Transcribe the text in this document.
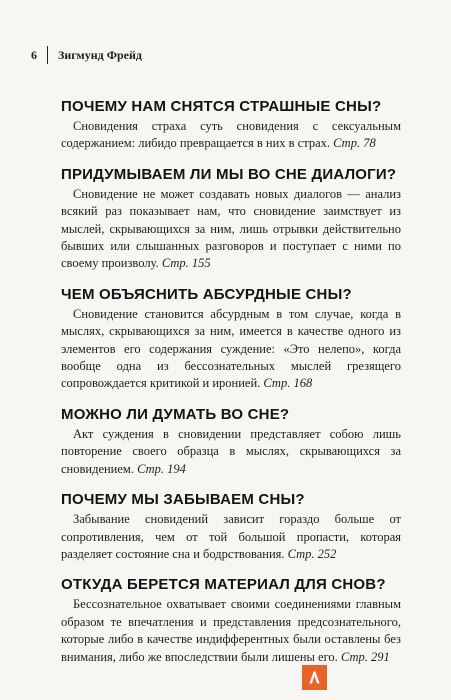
6 Зигмунд Фрейд
ПОЧЕМУ НАМ СНЯТСЯ СТРАШНЫЕ СНЫ?

Сновидения страха суть сновидения с сексуальным содержанием: либидо превращается в них в страх. Стр. 78

ПРИДУМЫВАЕМ ЛИ МЫ ВО СНЕ ДИАЛОГИ?

Сновидение не может создавать новых диалогов — анализ всякий раз показывает нам, что сновидение заимствует из мыслей, скрывающихся за ним, лишь отрывки действительно бывших или слышанных разговоров и поступает с ними по своему произволу. Стр. 155

ЧЕМ ОБЪЯСНИТЬ АБСУРДНЫЕ СНЫ?

Сновидение становится абсурдным в том случае, когда в мыслях, скрывающихся за ним, имеется в качестве одного из элементов его содержания суждение: «Это нелепо», когда вообще одна из бессознательных мыслей грезящего сопровождается критикой и иронией. Стр. 168

МОЖНО ЛИ ДУМАТЬ ВО СНЕ?

Акт суждения в сновидении представляет собою лишь повторение своего образца в мыслях, скрывающихся за сновидением. Стр. 194

ПОЧЕМУ МЫ ЗАБЫВАЕМ СНЫ?

Забывание сновидений зависит гораздо больше от сопротивления, чем от той большой пропасти, которая разделяет состояние сна и бодрствования. Стр. 252

ОТКУДА БЕРЕТСЯ МАТЕРИАЛ ДЛЯ СНОВ?

Бессознательное охватывает своими соединениями главным образом те впечатления и представления предсознательного, которые либо в качестве индифферентных были оставлены без внимания, либо же впоследствии были лишены его. Стр. 291
